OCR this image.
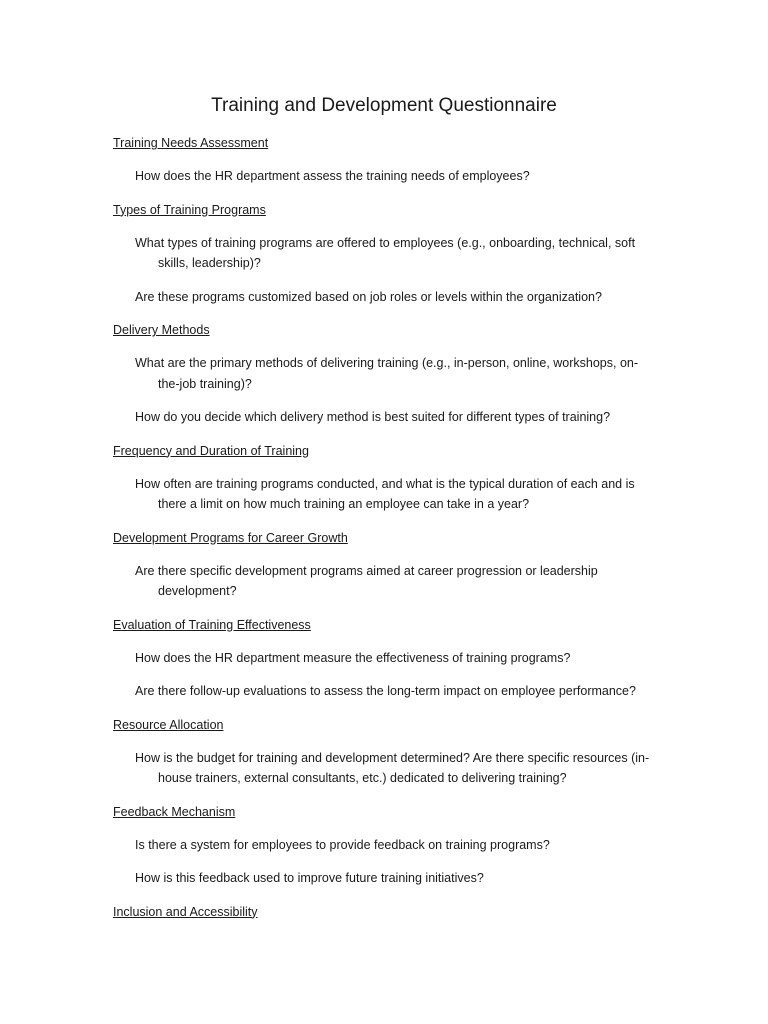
Training and Development Questionnaire

Training Needs Assessment

How does the HR department assess the training needs of employees?

Types of Training Programs

What types of training programs are offered to employees (e.g., onboarding, technical, soft skills, leadership)?

Are these programs customized based on job roles or levels within the organization?

Delivery Methods

What are the primary methods of delivering training (e.g., in-person, online, workshops, on-the-job training)?

How do you decide which delivery method is best suited for different types of training?

Frequency and Duration of Training

How often are training programs conducted, and what is the typical duration of each and is there a limit on how much training an employee can take in a year?

Development Programs for Career Growth

Are there specific development programs aimed at career progression or leadership development?

Evaluation of Training Effectiveness

How does the HR department measure the effectiveness of training programs?

Are there follow-up evaluations to assess the long-term impact on employee performance?

Resource Allocation

How is the budget for training and development determined? Are there specific resources (in-house trainers, external consultants, etc.) dedicated to delivering training?

Feedback Mechanism

Is there a system for employees to provide feedback on training programs?

How is this feedback used to improve future training initiatives?

Inclusion and Accessibility
